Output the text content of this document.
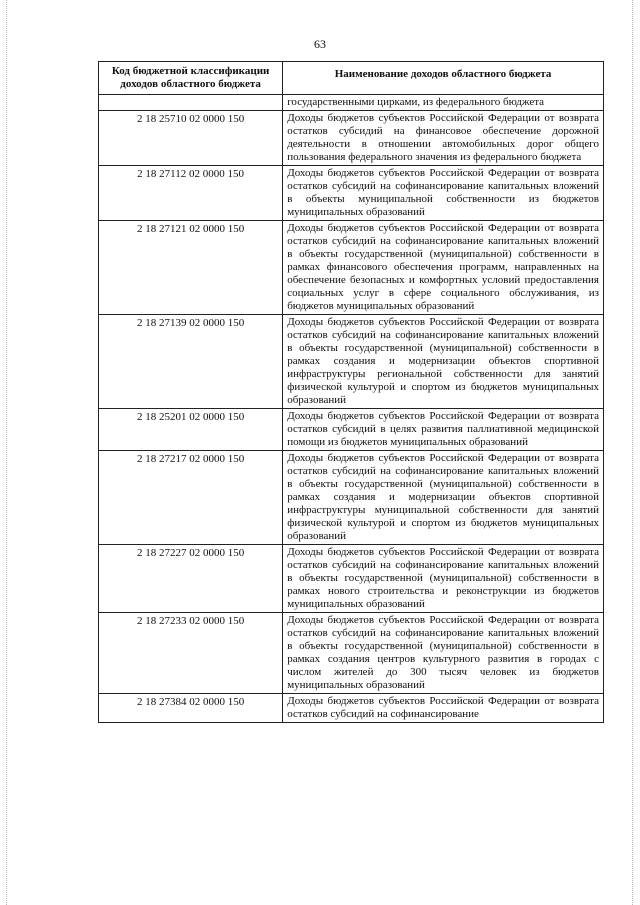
63
Код бюджетной классификации доходов областного бюджета	Наименование доходов областного бюджета
	государственными цирками, из федерального бюджета
2 18 25710 02 0000 150	Доходы бюджетов субъектов Российской Федерации от возврата остатков субсидий на финансовое обеспечение дорожной деятельности в отношении автомобильных дорог общего пользования федерального значения из федерального бюджета
2 18 27112 02 0000 150	Доходы бюджетов субъектов Российской Федерации от возврата остатков субсидий на софинансирование капитальных вложений в объекты муниципальной собственности из бюджетов муниципальных образований
2 18 27121 02 0000 150	Доходы бюджетов субъектов Российской Федерации от возврата остатков субсидий на софинансирование капитальных вложений в объекты государственной (муниципальной) собственности в рамках финансового обеспечения программ, направленных на обеспечение безопасных и комфортных условий предоставления социальных услуг в сфере социального обслуживания, из бюджетов муниципальных образований
2 18 27139 02 0000 150	Доходы бюджетов субъектов Российской Федерации от возврата остатков субсидий на софинансирование капитальных вложений в объекты государственной (муниципальной) собственности в рамках создания и модернизации объектов спортивной инфраструктуры региональной собственности для занятий физической культурой и спортом из бюджетов муниципальных образований
2 18 25201 02 0000 150	Доходы бюджетов субъектов Российской Федерации от возврата остатков субсидий в целях развития паллиативной медицинской помощи из бюджетов муниципальных образований
2 18 27217 02 0000 150	Доходы бюджетов субъектов Российской Федерации от возврата остатков субсидий на софинансирование капитальных вложений в объекты государственной (муниципальной) собственности в рамках создания и модернизации объектов спортивной инфраструктуры муниципальной собственности для занятий физической культурой и спортом из бюджетов муниципальных образований
2 18 27227 02 0000 150	Доходы бюджетов субъектов Российской Федерации от возврата остатков субсидий на софинансирование капитальных вложений в объекты государственной (муниципальной) собственности в рамках нового строительства и реконструкции из бюджетов муниципальных образований
2 18 27233 02 0000 150	Доходы бюджетов субъектов Российской Федерации от возврата остатков субсидий на софинансирование капитальных вложений в объекты государственной (муниципальной) собственности в рамках создания центров культурного развития в городах с числом жителей до 300 тысяч человек из бюджетов муниципальных образований
2 18 27384 02 0000 150	Доходы бюджетов субъектов Российской Федерации от возврата остатков субсидий на софинансирование
